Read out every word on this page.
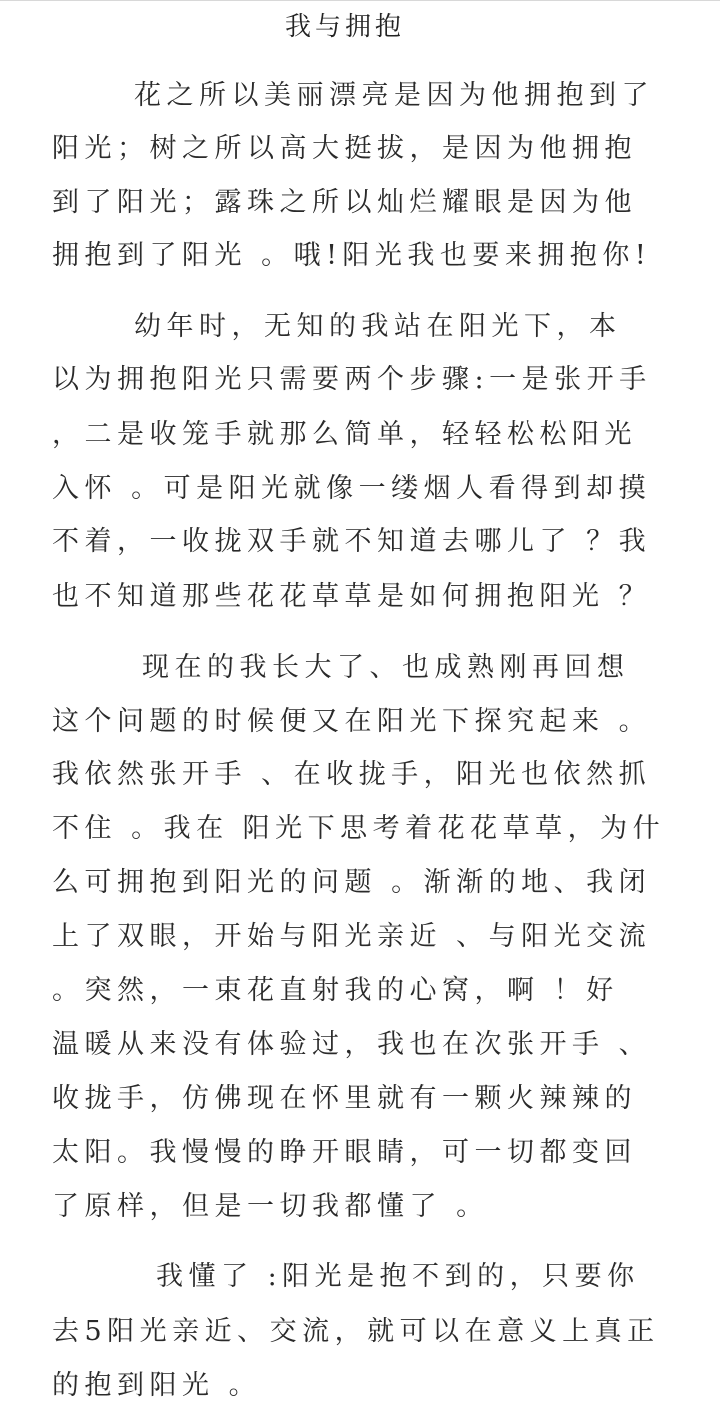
我与拥抱
花之所以美丽漂亮是因为他拥抱到了
阳光；树之所以高大挺拔，是因为他拥抱
到了阳光；露珠之所以灿烂耀眼是因为他
拥抱到了阳光 。哦!阳光我也要来拥抱你!
幼年时，无知的我站在阳光下，本
以为拥抱阳光只需要两个步骤:一是张开手
，二是收笼手就那么简单，轻轻松松阳光
入怀 。可是阳光就像一缕烟人看得到却摸
不着，一收拢双手就不知道去哪儿了 ？我
也不知道那些花花草草是如何拥抱阳光 ？
现在的我长大了、也成熟刚再回想
这个问题的时候便又在阳光下探究起来 。
我依然张开手 、在收拢手，阳光也依然抓
不住 。我在 阳光下思考着花花草草，为什
么可拥抱到阳光的问题 。渐渐的地、我闭
上了双眼，开始与阳光亲近 、与阳光交流
。突然，一束花直射我的心窝，啊 ！好
温暖从来没有体验过，我也在次张开手 、
收拢手，仿佛现在怀里就有一颗火辣辣的
太阳。我慢慢的睁开眼睛，可一切都变回
了原样，但是一切我都懂了 。
我懂了 :阳光是抱不到的，只要你
去5阳光亲近、交流，就可以在意义上真正
的抱到阳光 。
